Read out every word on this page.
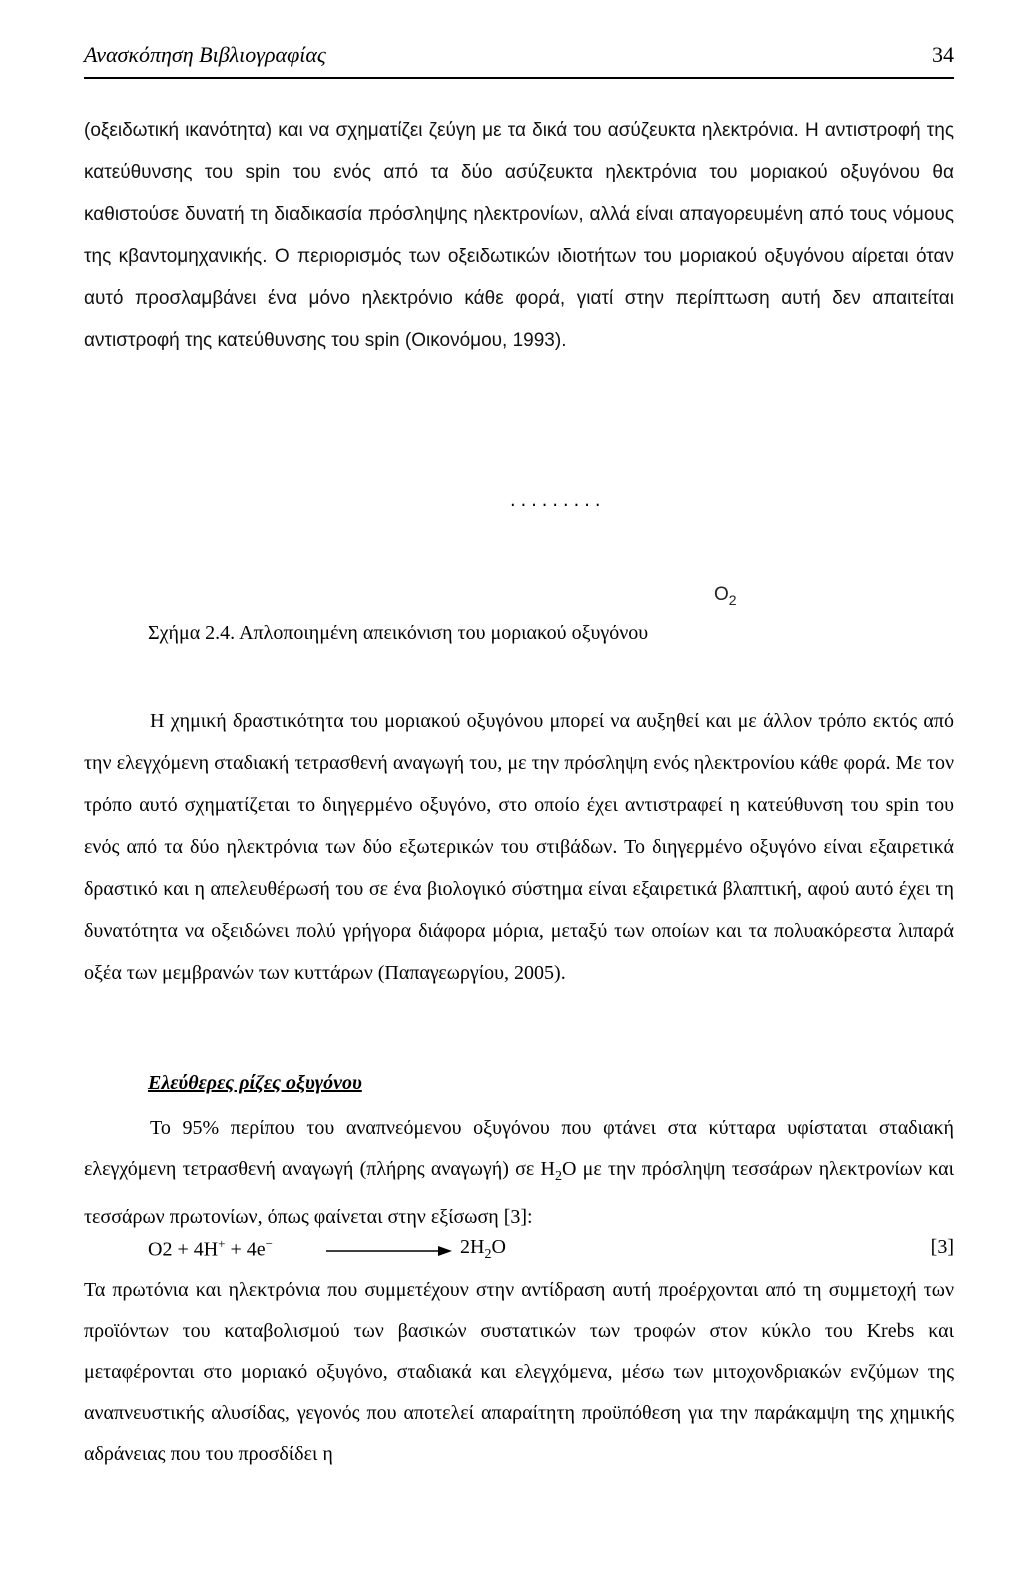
Ανασκόπηση Βιβλιογραφίας	34

(οξειδωτική ικανότητα) και να σχηματίζει ζεύγη με τα δικά του ασύζευκτα ηλεκτρόνια. Η αντιστροφή της κατεύθυνσης του spin του ενός από τα δύο ασύζευκτα ηλεκτρόνια του μοριακού οξυγόνου θα καθιστούσε δυνατή τη διαδικασία πρόσληψης ηλεκτρονίων, αλλά είναι απαγορευμένη από τους νόμους της κβαντομηχανικής. Ο περιορισμός των οξειδωτικών ιδιοτήτων του μοριακού οξυγόνου αίρεται όταν αυτό προσλαμβάνει ένα μόνο ηλεκτρόνιο κάθε φορά, γιατί στην περίπτωση αυτή δεν απαιτείται αντιστροφή της κατεύθυνσης του spin (Οικονόμου, 1993).

·········
$O_2$
Σχήμα 2.4. Απλοποιημένη απεικόνιση του μοριακού οξυγόνου

Η χημική δραστικότητα του μοριακού οξυγόνου μπορεί να αυξηθεί και με άλλον τρόπο εκτός από την ελεγχόμενη σταδιακή τετρασθενή αναγωγή του, με την πρόσληψη ενός ηλεκτρονίου κάθε φορά. Με τον τρόπο αυτό σχηματίζεται το διηγερμένο οξυγόνο, στο οποίο έχει αντιστραφεί η κατεύθυνση του spin του ενός από τα δύο ηλεκτρόνια των δύο εξωτερικών του στιβάδων. Το διηγερμένο οξυγόνο είναι εξαιρετικά δραστικό και η απελευθέρωσή του σε ένα βιολογικό σύστημα είναι εξαιρετικά βλαπτική, αφού αυτό έχει τη δυνατότητα να οξειδώνει πολύ γρήγορα διάφορα μόρια, μεταξύ των οποίων και τα πολυακόρεστα λιπαρά οξέα των μεμβρανών των κυττάρων (Παπαγεωργίου, 2005).

Ελεύθερες ρίζες οξυγόνου

Το 95% περίπου του αναπνεόμενου οξυγόνου που φτάνει στα κύτταρα υφίσταται σταδιακή ελεγχόμενη τετρασθενή αναγωγή (πλήρης αναγωγή) σε $H_2O$ με την πρόσληψη τεσσάρων ηλεκτρονίων και τεσσάρων πρωτονίων, όπως φαίνεται στην εξίσωση [3]:

O2 + 4H+ + 4e−	$2H_2O$	[3]

Τα πρωτόνια και ηλεκτρόνια που συμμετέχουν στην αντίδραση αυτή προέρχονται από τη συμμετοχή των προϊόντων του καταβολισμού των βασικών συστατικών των τροφών στον κύκλο του Krebs και μεταφέρονται στο μοριακό οξυγόνο, σταδιακά και ελεγχόμενα, μέσω των μιτοχονδριακών ενζύμων της αναπνευστικής αλυσίδας, γεγονός που αποτελεί απαραίτητη προϋπόθεση για την παράκαμψη της χημικής αδράνειας που του προσδίδει η
